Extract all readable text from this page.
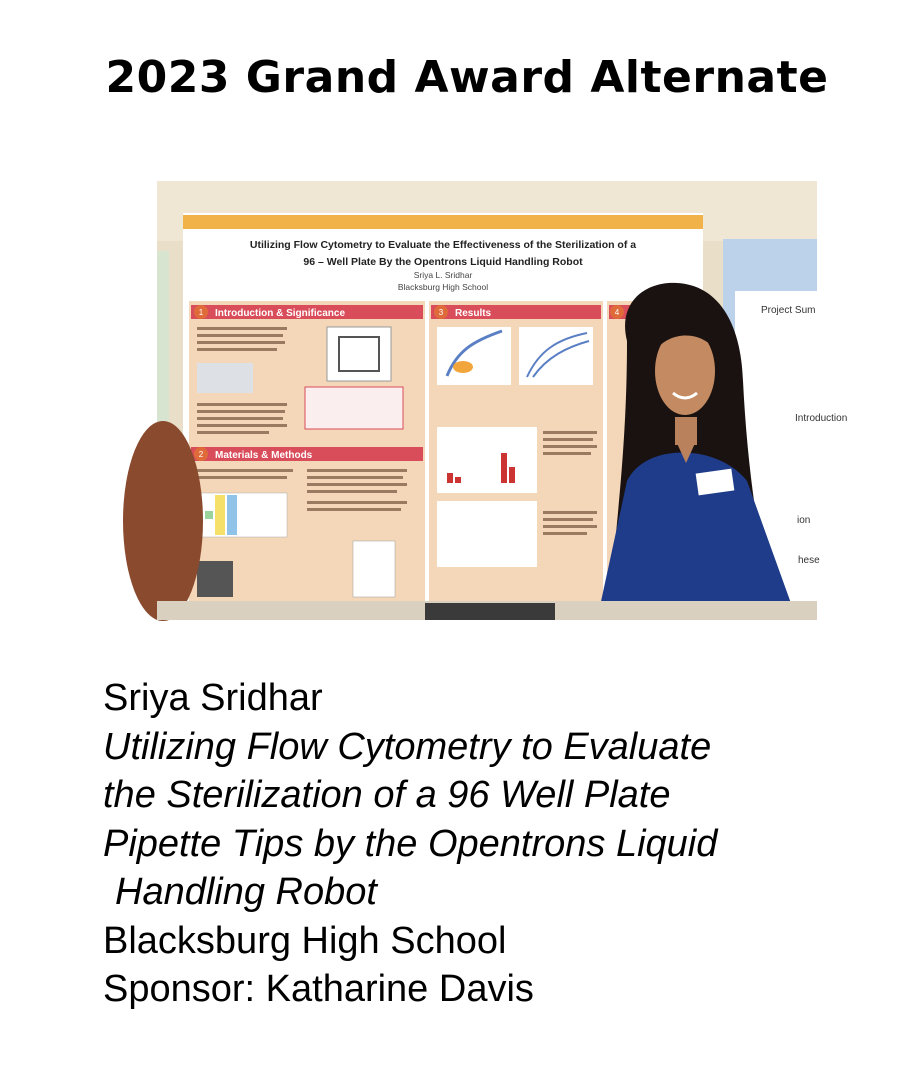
2023 Grand Award Alternate
Project Sum
Introduction
ion
hese
Utilizing Flow Cytometry to Evaluate the Effectiveness of the Sterilization of a
96 – Well Plate By the Opentrons Liquid Handling Robot
Sriya L. Sridhar
Blacksburg High School
1 Introduction & Significance
2 Materials & Methods
3 Results	4
Sriya Sridhar
Utilizing Flow Cytometry to Evaluate
the Sterilization of a 96 Well Plate
Pipette Tips by the Opentrons Liquid
Handling Robot
Blacksburg High School
Sponsor: Katharine Davis
